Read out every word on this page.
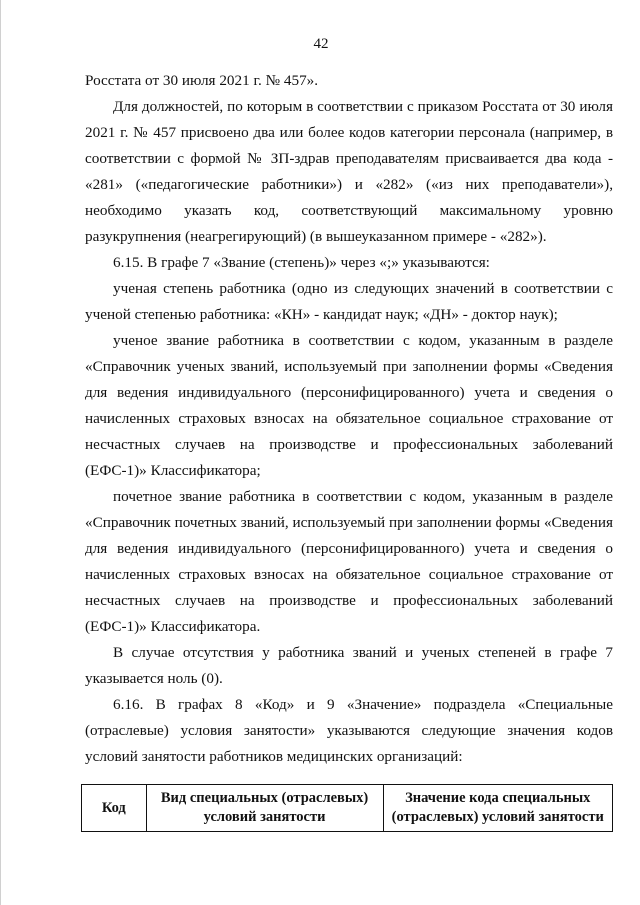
42

Росстата от 30 июля 2021 г. № 457».

Для должностей, по которым в соответствии с приказом Росстата от 30 июля 2021 г. № 457 присвоено два или более кодов категории персонала (например, в соответствии с формой № ЗП-здрав преподавателям присваивается два кода - «281» («педагогические работники») и «282» («из них преподаватели»), необходимо указать код, соответствующий максимальному уровню разукрупнения (неагрегирующий) (в вышеуказанном примере - «282»).

6.15. В графе 7 «Звание (степень)» через «;» указываются:

ученая степень работника (одно из следующих значений в соответствии с ученой степенью работника: «КН» - кандидат наук; «ДН» - доктор наук);

ученое звание работника в соответствии с кодом, указанным в разделе «Справочник ученых званий, используемый при заполнении формы «Сведения для ведения индивидуального (персонифицированного) учета и сведения о начисленных страховых взносах на обязательное социальное страхование от несчастных случаев на производстве и профессиональных заболеваний (ЕФС-1)» Классификатора;

почетное звание работника в соответствии с кодом, указанным в разделе «Справочник почетных званий, используемый при заполнении формы «Сведения для ведения индивидуального (персонифицированного) учета и сведения о начисленных страховых взносах на обязательное социальное страхование от несчастных случаев на производстве и профессиональных заболеваний (ЕФС-1)» Классификатора.

В случае отсутствия у работника званий и ученых степеней в графе 7 указывается ноль (0).

6.16. В графах 8 «Код» и 9 «Значение» подраздела «Специальные (отраслевые) условия занятости» указываются следующие значения кодов условий занятости работников медицинских организаций:

Код	Вид специальных (отраслевых) условий занятости	Значение кода специальных (отраслевых) условий занятости
